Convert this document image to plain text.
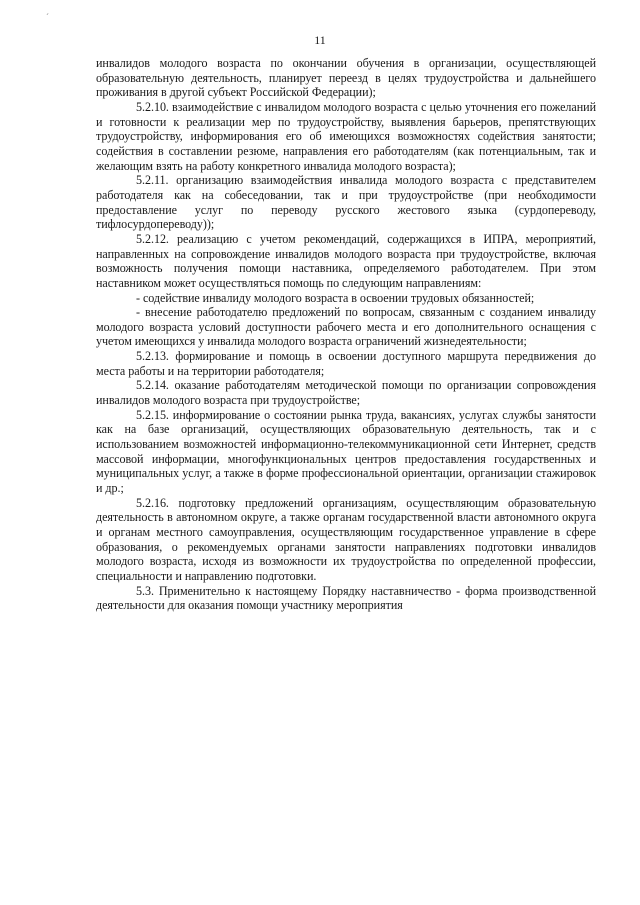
´
11

инвалидов молодого возраста по окончании обучения в организации, осуществляющей образовательную деятельность, планирует переезд в целях трудоустройства и дальнейшего проживания в другой субъект Российской Федерации);

5.2.10. взаимодействие с инвалидом молодого возраста с целью уточнения его пожеланий и готовности к реализации мер по трудоустройству, выявления барьеров, препятствующих трудоустройству, информирования его об имеющихся возможностях содействия занятости; содействия в составлении резюме, направления его работодателям (как потенциальным, так и желающим взять на работу конкретного инвалида молодого возраста);

5.2.11. организацию взаимодействия инвалида молодого возраста с представителем работодателя как на собеседовании, так и при трудоустройстве (при необходимости предоставление услуг по переводу русского жестового языка (сурдопереводу, тифлосурдопереводу));

5.2.12. реализацию с учетом рекомендаций, содержащихся в ИПРА, мероприятий, направленных на сопровождение инвалидов молодого возраста при трудоустройстве, включая возможность получения помощи наставника, определяемого работодателем. При этом наставником может осуществляться помощь по следующим направлениям:

- содействие инвалиду молодого возраста в освоении трудовых обязанностей;

- внесение работодателю предложений по вопросам, связанным с созданием инвалиду молодого возраста условий доступности рабочего места и его дополнительного оснащения с учетом имеющихся у инвалида молодого возраста ограничений жизнедеятельности;

5.2.13. формирование и помощь в освоении доступного маршрута передвижения до места работы и на территории работодателя;

5.2.14. оказание работодателям методической помощи по организации сопровождения инвалидов молодого возраста при трудоустройстве;

5.2.15. информирование о состоянии рынка труда, вакансиях, услугах службы занятости как на базе организаций, осуществляющих образовательную деятельность, так и с использованием возможностей информационно-телекоммуникационной сети Интернет, средств массовой информации, многофункциональных центров предоставления государственных и муниципальных услуг, а также в форме профессиональной ориентации, организации стажировок и др.;

5.2.16. подготовку предложений организациям, осуществляющим образовательную деятельность в автономном округе, а также органам государственной власти автономного округа и органам местного самоуправления, осуществляющим государственное управление в сфере образования, о рекомендуемых органами занятости направлениях подготовки инвалидов молодого возраста, исходя из возможности их трудоустройства по определенной профессии, специальности и направлению подготовки.

5.3. Применительно к настоящему Порядку наставничество - форма производственной деятельности для оказания помощи участнику мероприятия
